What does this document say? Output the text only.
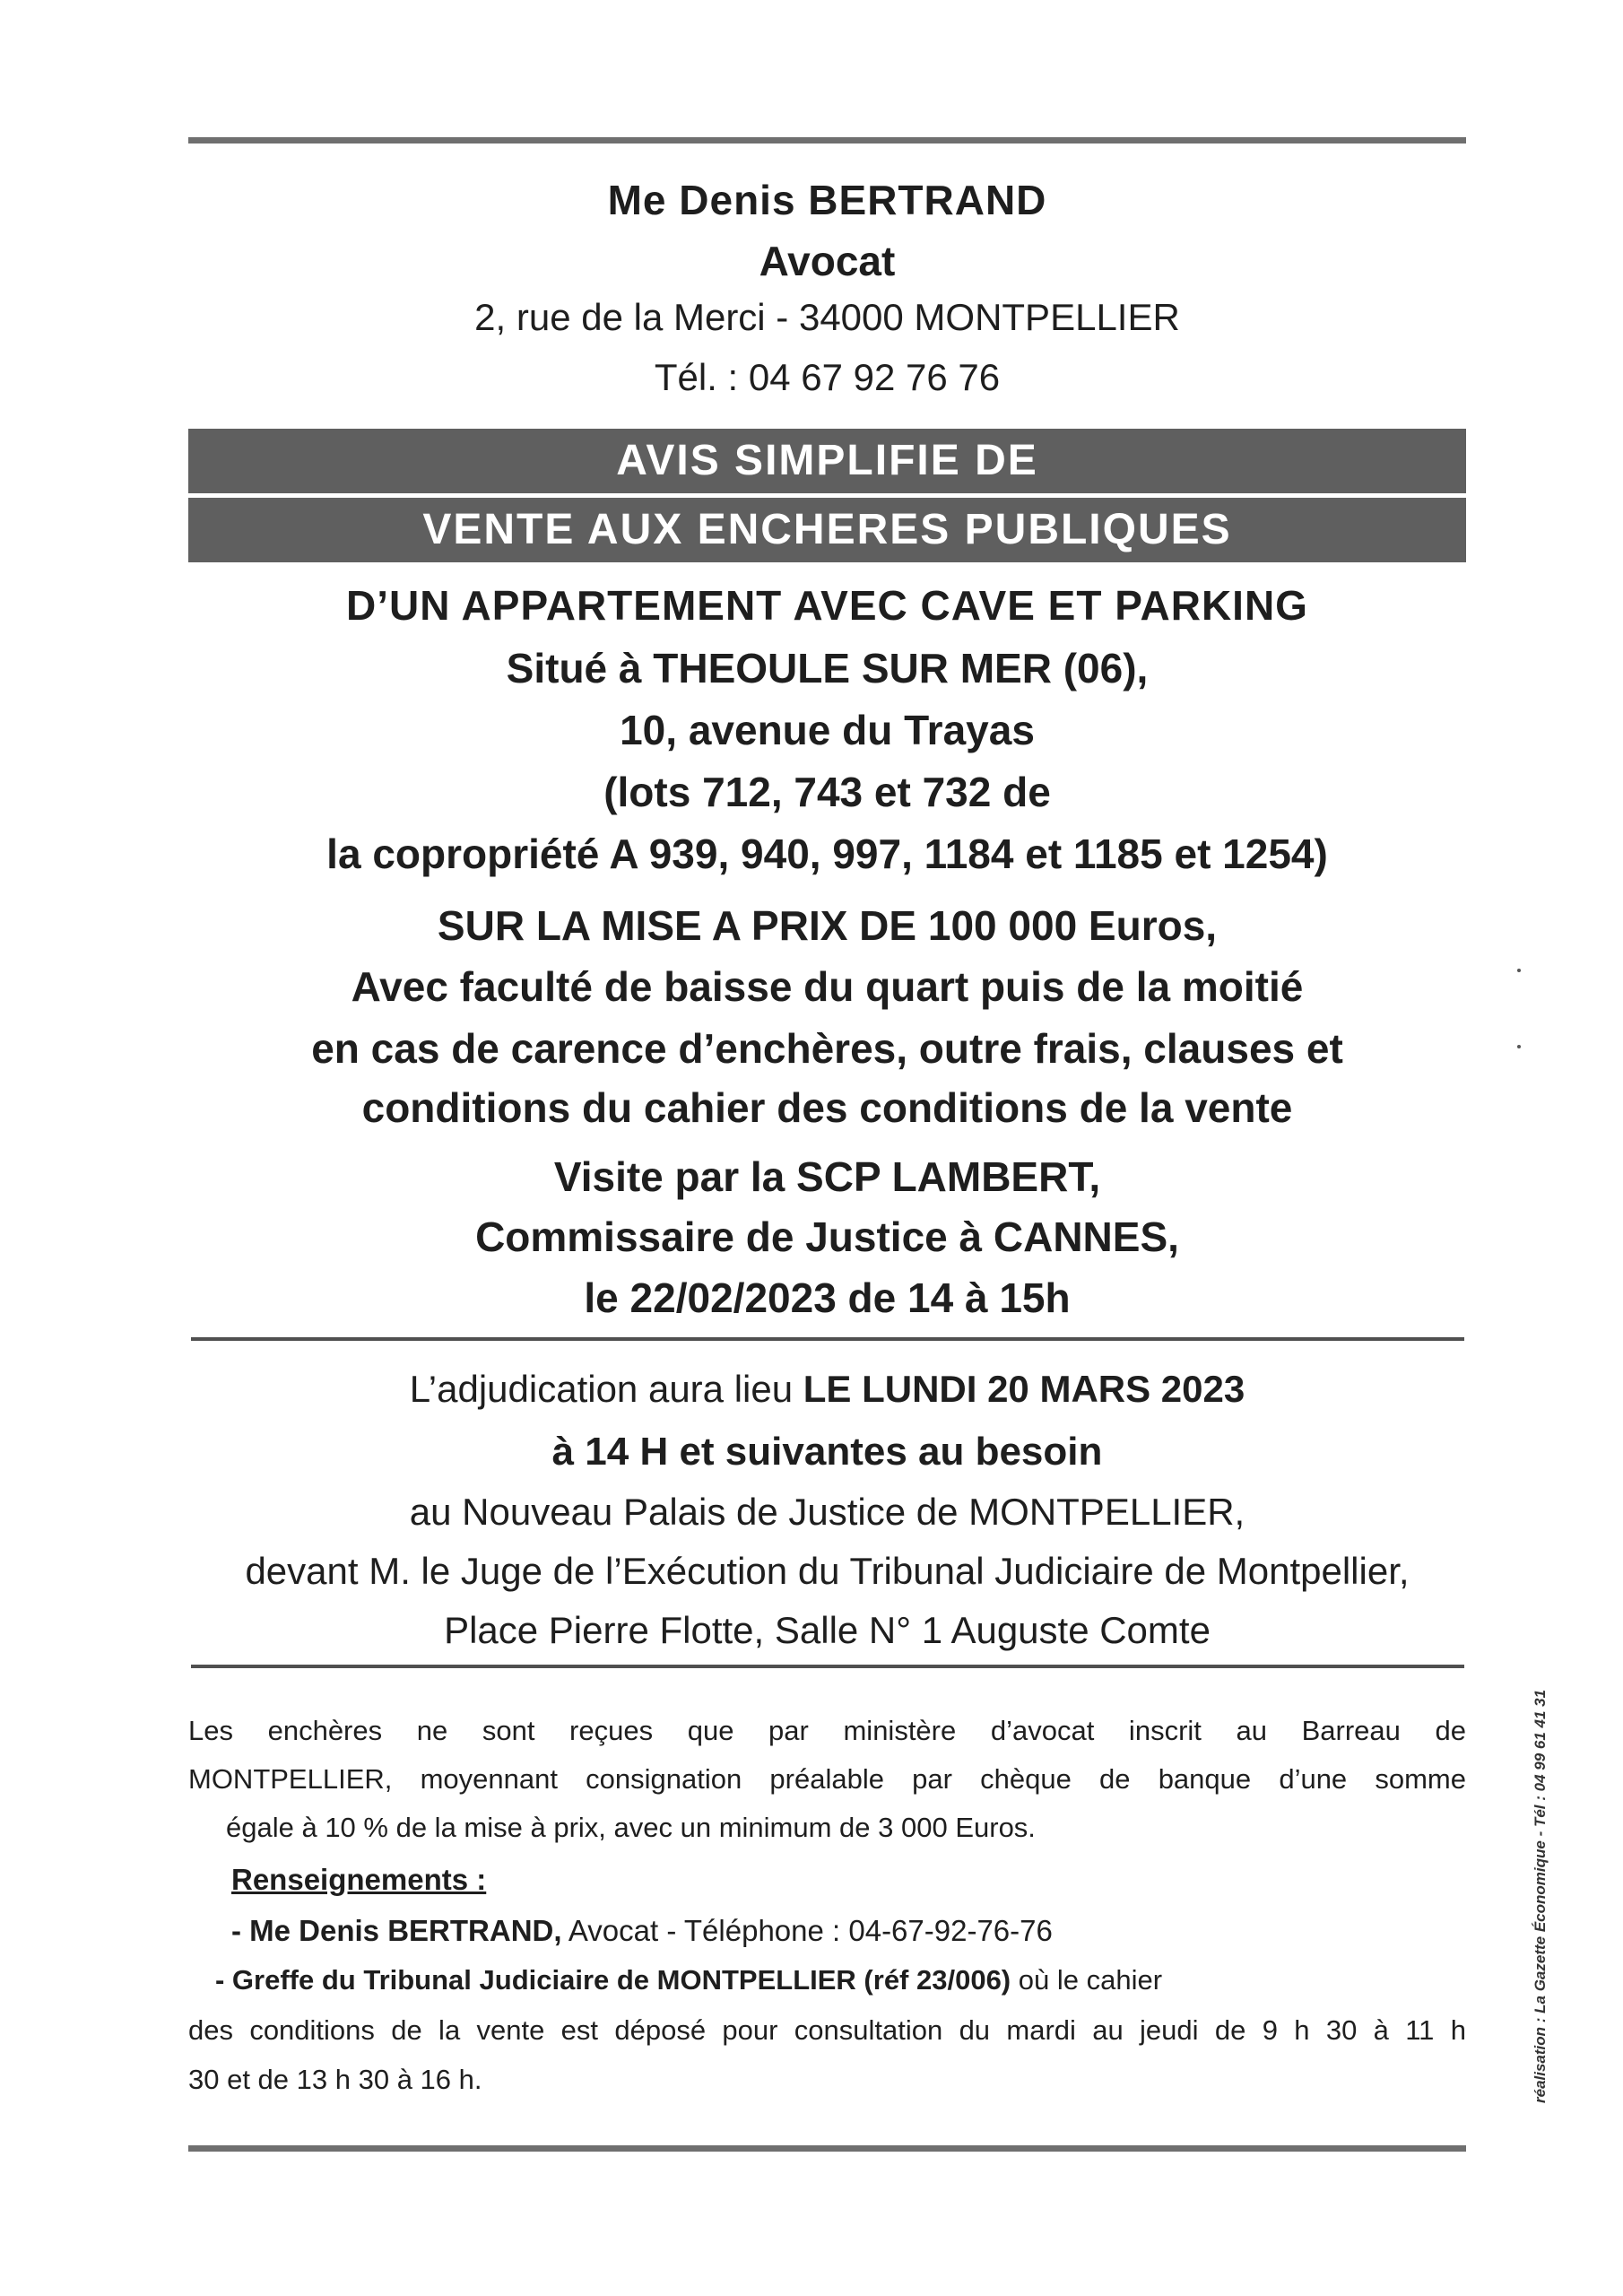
Me Denis BERTRAND
Avocat
2, rue de la Merci - 34000 MONTPELLIER
Tél. : 04 67 92 76 76
AVIS SIMPLIFIE DE
VENTE AUX ENCHERES PUBLIQUES
D’UN APPARTEMENT AVEC CAVE ET PARKING
Situé à THEOULE SUR MER (06),
10, avenue du Trayas
(lots 712, 743 et 732 de
la copropriété A 939, 940, 997, 1184 et 1185 et 1254)
SUR LA MISE A PRIX DE 100 000 Euros,
Avec faculté de baisse du quart puis de la moitié
en cas de carence d’enchères, outre frais, clauses et
conditions du cahier des conditions de la vente
Visite par la SCP LAMBERT,
Commissaire de Justice à CANNES,
le 22/02/2023 de 14 à 15h
L’adjudication aura lieu LE LUNDI 20 MARS 2023
à 14 H et suivantes au besoin
au Nouveau Palais de Justice de MONTPELLIER,
devant M. le Juge de l’Exécution du Tribunal Judiciaire de Montpellier,
Place Pierre Flotte, Salle N° 1 Auguste Comte
Les enchères ne sont reçues que par ministère d’avocat inscrit au Barreau de
MONTPELLIER, moyennant consignation préalable par chèque de banque d’une somme
égale à 10 % de la mise à prix, avec un minimum de 3 000 Euros.
Renseignements :
- Me Denis BERTRAND, Avocat - Téléphone : 04-67-92-76-76
- Greffe du Tribunal Judiciaire de MONTPELLIER (réf 23/006) où le cahier
des conditions de la vente est déposé pour consultation du mardi au jeudi de 9 h 30 à 11 h
30 et de 13 h 30 à 16 h.	réalisation : La Gazette Économique - Tél : 04 99 61 41 31
